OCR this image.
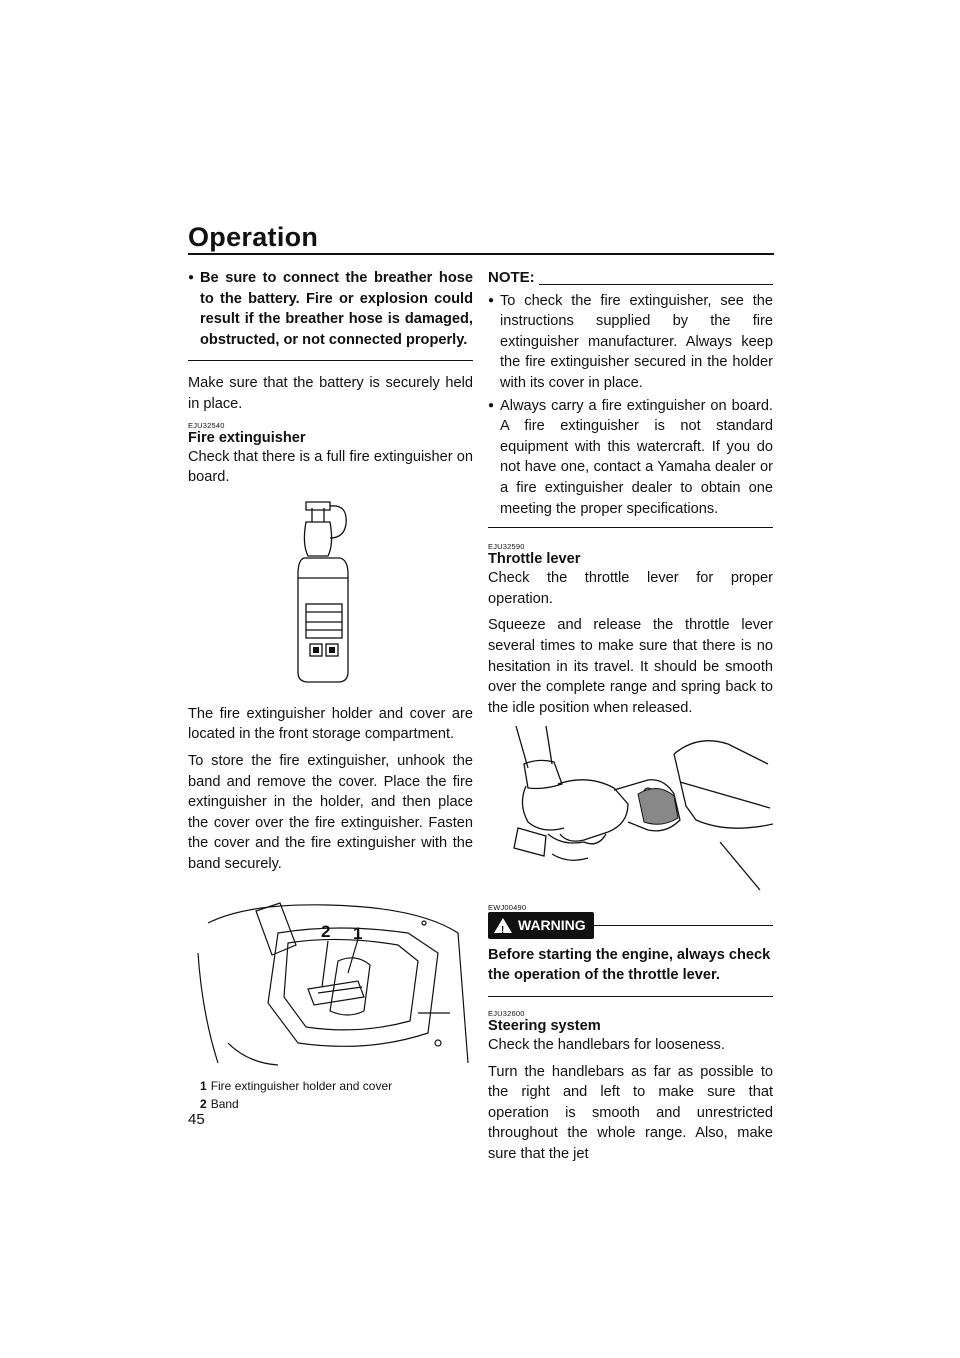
Operation
● Be sure to connect the breather hose to the battery. Fire or explosion could result if the breather hose is damaged, obstructed, or not connected properly.

Make sure that the battery is securely held in place.

EJU32540
Fire extinguisher

Check that there is a full fire extinguisher on board.

The fire extinguisher holder and cover are located in the front storage compartment.

To store the fire extinguisher, unhook the band and remove the cover. Place the fire extinguisher in the holder, and then place the cover over the fire extinguisher. Fasten the cover and the fire extinguisher with the band securely.

2 1
1 Fire extinguisher holder and cover
2 Band
NOTE:
● To check the fire extinguisher, see the instructions supplied by the fire extinguisher manufacturer. Always keep the fire extinguisher secured in the holder with its cover in place.
● Always carry a fire extinguisher on board. A fire extinguisher is not standard equipment with this watercraft. If you do not have one, contact a Yamaha dealer or a fire extinguisher dealer to obtain one meeting the proper specifications.
EJU32590
Throttle lever

Check the throttle lever for proper operation.

Squeeze and release the throttle lever several times to make sure that there is no hesitation in its travel. It should be smooth over the complete range and spring back to the idle position when released.

EWJ00490
! WARNING
Before starting the engine, always check the operation of the throttle lever.
EJU32600
Steering system

Check the handlebars for looseness.

Turn the handlebars as far as possible to the right and left to make sure that operation is smooth and unrestricted throughout the whole range. Also, make sure that the jet

45
